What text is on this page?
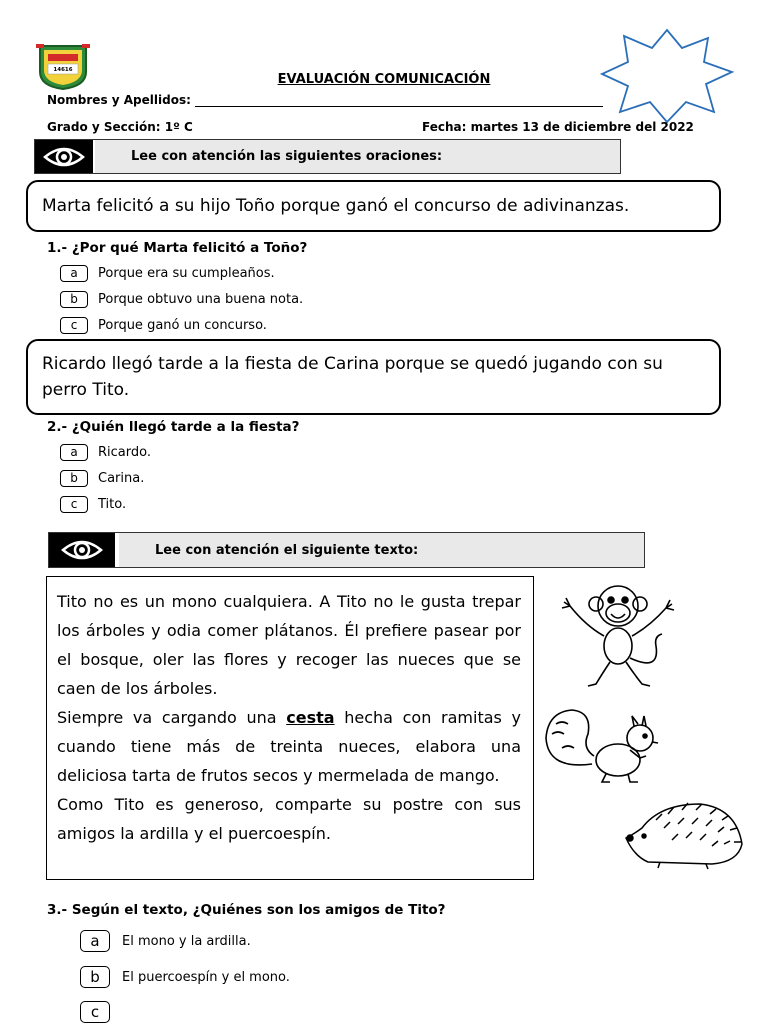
14616
EVALUACIÓN COMUNICACIÓN
Nombres y Apellidos:
Grado y Sección: 1º C	Fecha: martes 13 de diciembre del 2022
Lee con atención las siguientes oraciones:
Marta felicitó a su hijo Toño porque ganó el concurso de adivinanzas.
1.- ¿Por qué Marta felicitó a Toño?
a	Porque era su cumpleaños.
b	Porque obtuvo una buena nota.
c	Porque ganó un concurso.
Ricardo llegó tarde a la fiesta de Carina porque se quedó jugando con su perro Tito.
2.- ¿Quién llegó tarde a la fiesta?
a	Ricardo.
b	Carina.
c	Tito.
Lee con atención el siguiente texto:

Tito no es un mono cualquiera. A Tito no le gusta trepar los árboles y odia comer plátanos. Él prefiere pasear por el bosque, oler las flores y recoger las nueces que se caen de los árboles.

Siempre va cargando una cesta hecha con ramitas y cuando tiene más de treinta nueces, elabora una deliciosa tarta de frutos secos y mermelada de mango.

Como Tito es generoso, comparte su postre con sus amigos la ardilla y el puercoespín.

3.- Según el texto, ¿Quiénes son los amigos de Tito?
a	El mono y la ardilla.
b	El puercoespín y el mono.
c
